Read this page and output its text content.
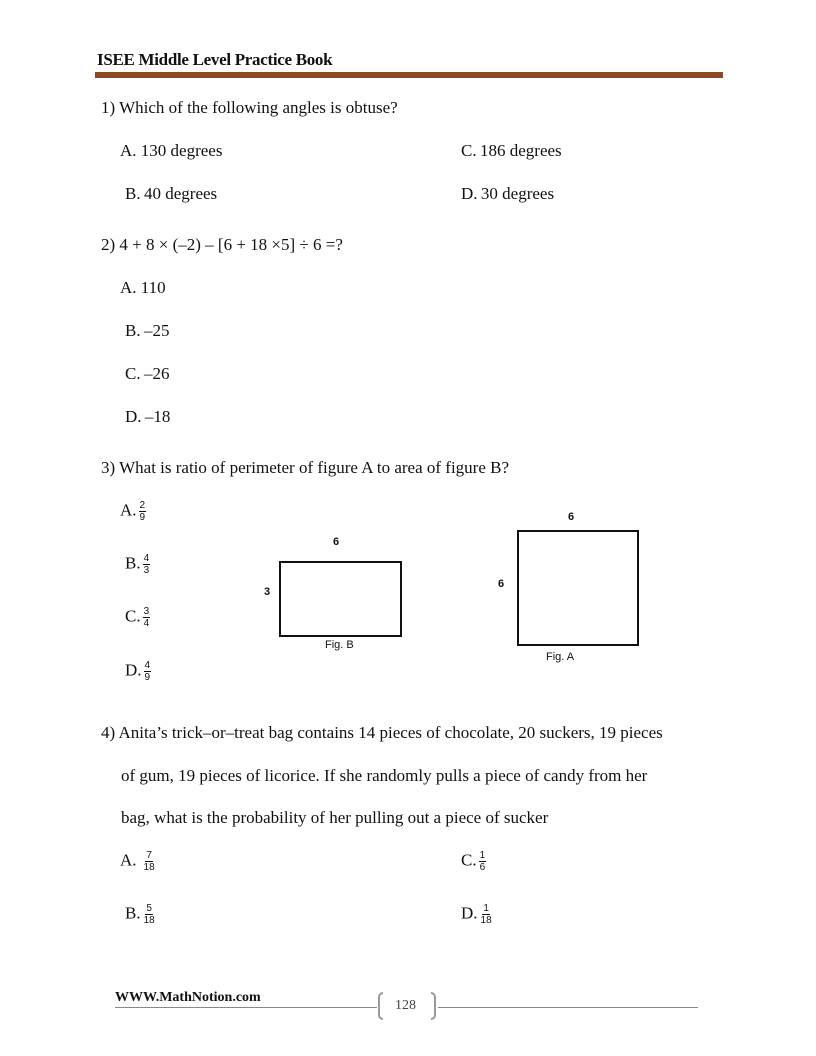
ISEE Middle Level Practice Book
1) Which of the following angles is obtuse?
A. 130 degrees	C. 186 degrees
B. 40 degrees	D. 30 degrees
2) 4 + 8 × (–2) – [6 + 18 ×5] ÷ 6 =?
A. 110
B. –25
C. –26
D. –18
3) What is ratio of perimeter of figure A to area of figure B?
A. $\frac{2}{9}$
B. $\frac{4}{3}$
C. $\frac{3}{4}$
D. $\frac{4}{9}$
6
3
Fig. B
6
6
Fig. A
4) Anita’s trick–or–treat bag contains 14 pieces of chocolate, 20 suckers, 19 pieces
of gum, 19 pieces of licorice. If she randomly pulls a piece of candy from her
bag, what is the probability of her pulling out a piece of sucker
A. $\frac{7}{18}$	C. $\frac{1}{6}$
B. $\frac{5}{18}$	D. $\frac{1}{18}$
WWW.MathNotion.com
128
